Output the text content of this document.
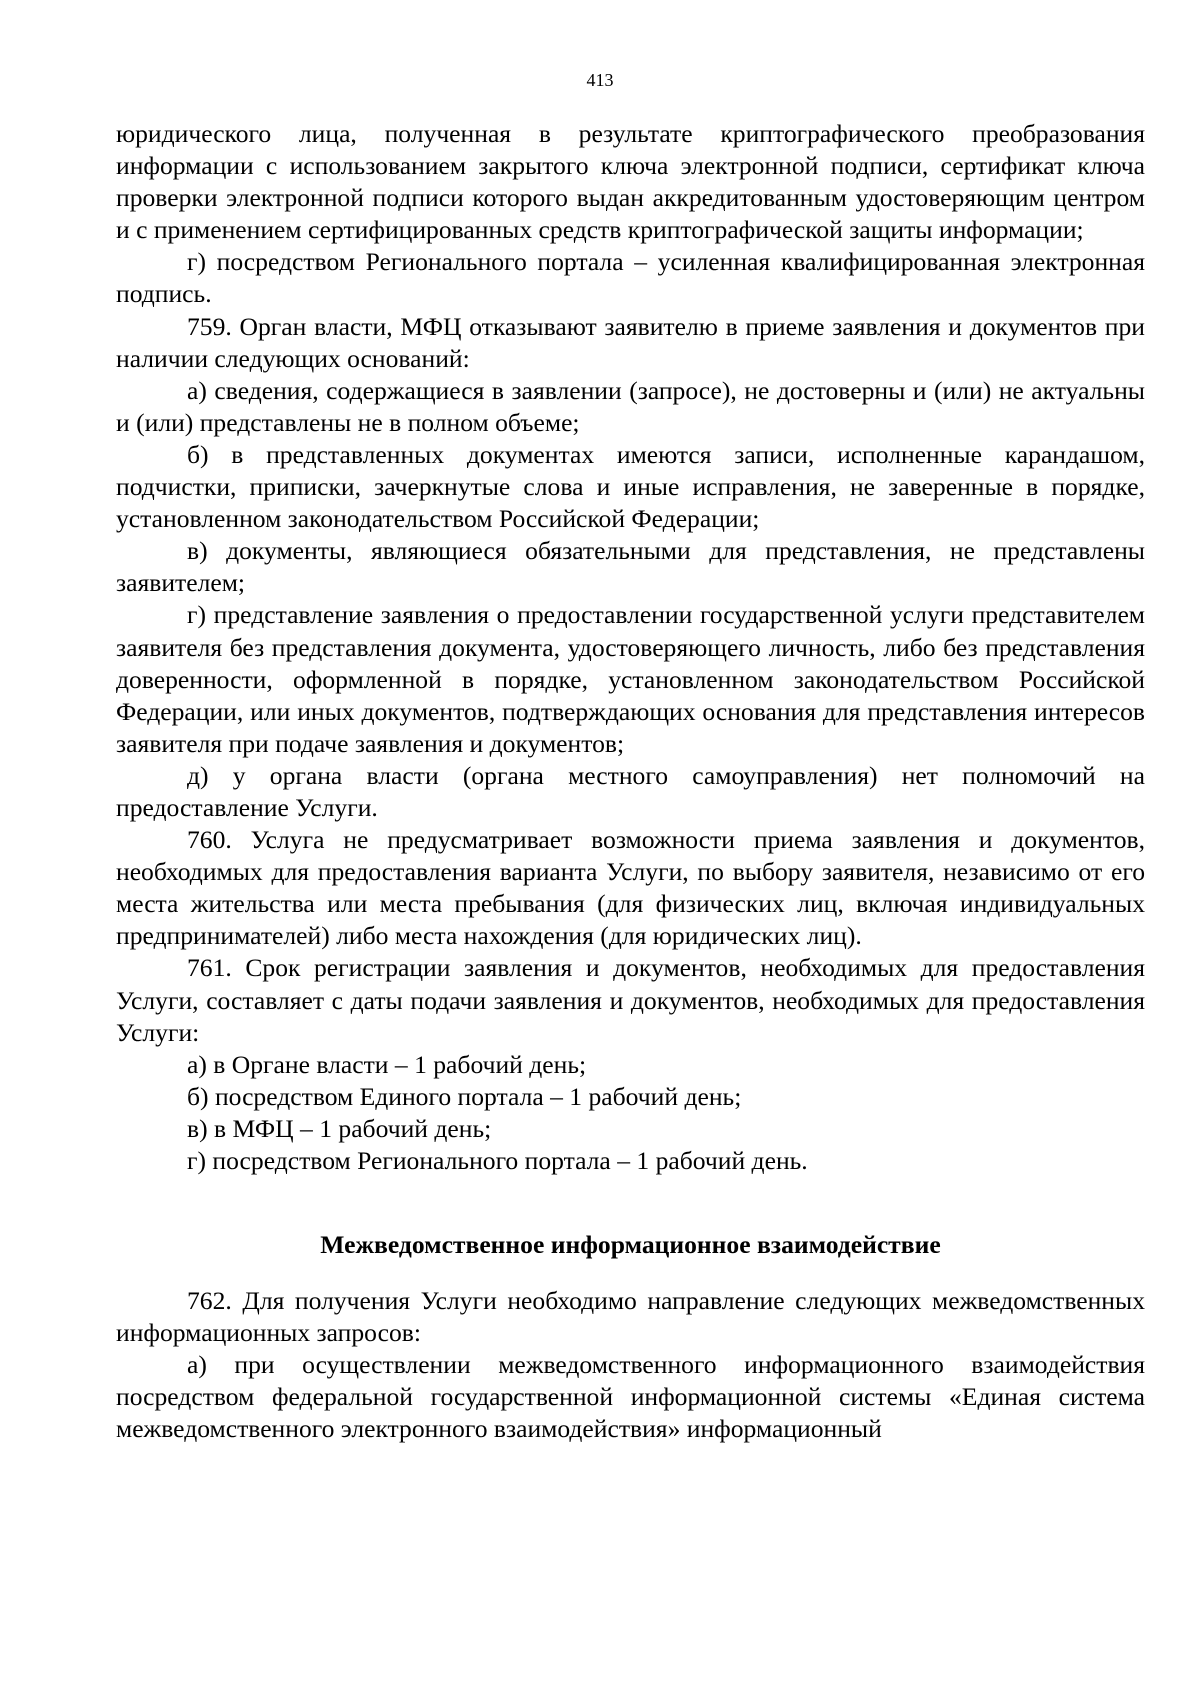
413

юридического лица, полученная в результате криптографического преобразования информации с использованием закрытого ключа электронной подписи, сертификат ключа проверки электронной подписи которого выдан аккредитованным удостоверяющим центром и с применением сертифицированных средств криптографической защиты информации;

г) посредством Регионального портала – усиленная квалифицированная электронная подпись.

759. Орган власти, МФЦ отказывают заявителю в приеме заявления и документов при наличии следующих оснований:

а) сведения, содержащиеся в заявлении (запросе), не достоверны и (или) не актуальны и (или) представлены не в полном объеме;

б) в представленных документах имеются записи, исполненные карандашом, подчистки, приписки, зачеркнутые слова и иные исправления, не заверенные в порядке, установленном законодательством Российской Федерации;

в) документы, являющиеся обязательными для представления, не представлены заявителем;

г) представление заявления о предоставлении государственной услуги представителем заявителя без представления документа, удостоверяющего личность, либо без представления доверенности, оформленной в порядке, установленном законодательством Российской Федерации, или иных документов, подтверждающих основания для представления интересов заявителя при подаче заявления и документов;

д) у органа власти (органа местного самоуправления) нет полномочий на предоставление Услуги.

760. Услуга не предусматривает возможности приема заявления и документов, необходимых для предоставления варианта Услуги, по выбору заявителя, независимо от его места жительства или места пребывания (для физических лиц, включая индивидуальных предпринимателей) либо места нахождения (для юридических лиц).

761. Срок регистрации заявления и документов, необходимых для предоставления Услуги, составляет с даты подачи заявления и документов, необходимых для предоставления Услуги:

а) в Органе власти – 1 рабочий день;

б) посредством Единого портала – 1 рабочий день;

в) в МФЦ – 1 рабочий день;

г) посредством Регионального портала – 1 рабочий день.

Межведомственное информационное взаимодействие

762. Для получения Услуги необходимо направление следующих межведомственных информационных запросов:

а) при осуществлении межведомственного информационного взаимодействия посредством федеральной государственной информационной системы «Единая система межведомственного электронного взаимодействия» информационный
